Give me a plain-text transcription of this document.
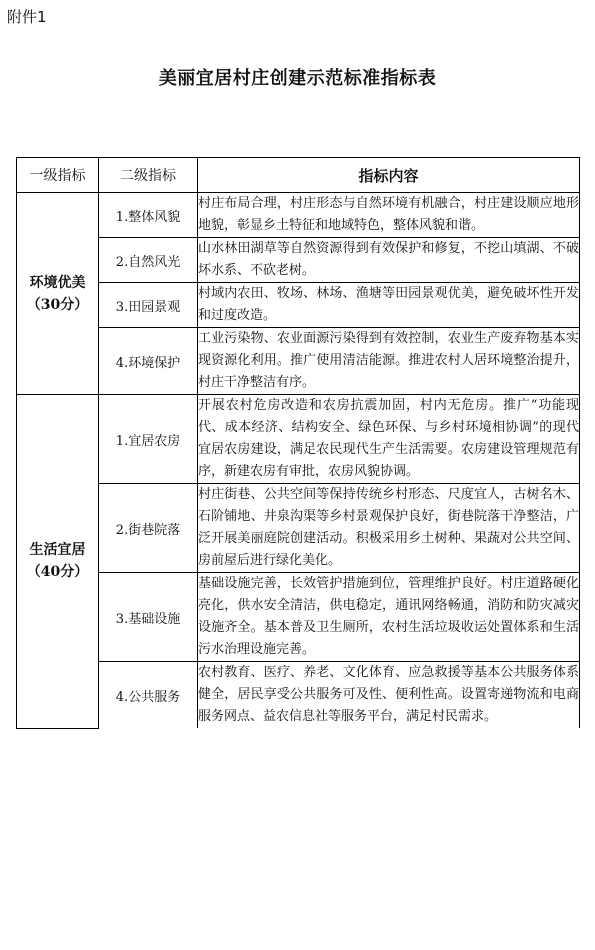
附件1
美丽宜居村庄创建示范标准指标表
一级指标	二级指标	指标内容

环境优美
（30分）	1.整体风貌	村庄布局合理，村庄形态与自然环境有机融合，村庄建设顺应地形地貌，彰显乡土特征和地域特色，整体风貌和谐。
	2.自然风光	山水林田湖草等自然资源得到有效保护和修复，不挖山填湖、不破坏水系、不砍老树。
	3.田园景观	村域内农田、牧场、林场、渔塘等田园景观优美，避免破坏性开发和过度改造。
	4.环境保护	工业污染物、农业面源污染得到有效控制，农业生产废弃物基本实现资源化利用。推广使用清洁能源。推进农村人居环境整治提升，村庄干净整洁有序。

生活宜居
（40分）	1.宜居农房	开展农村危房改造和农房抗震加固，村内无危房。推广“功能现代、成本经济、结构安全、绿色环保、与乡村环境相协调”的现代宜居农房建设，满足农民现代生产生活需要。农房建设管理规范有序，新建农房有审批，农房风貌协调。
	2.街巷院落	村庄街巷、公共空间等保持传统乡村形态、尺度宜人，古树名木、石阶铺地、井泉沟渠等乡村景观保护良好，街巷院落干净整洁，广泛开展美丽庭院创建活动。积极采用乡土树种、果蔬对公共空间、房前屋后进行绿化美化。
	3.基础设施	基础设施完善，长效管护措施到位，管理维护良好。村庄道路硬化亮化，供水安全清洁，供电稳定，通讯网络畅通，消防和防灾减灾设施齐全。基本普及卫生厕所，农村生活垃圾收运处置体系和生活污水治理设施完善。
	4.公共服务	农村教育、医疗、养老、文化体育、应急救援等基本公共服务体系健全，居民享受公共服务可及性、便利性高。设置寄递物流和电商服务网点、益农信息社等服务平台，满足村民需求。
